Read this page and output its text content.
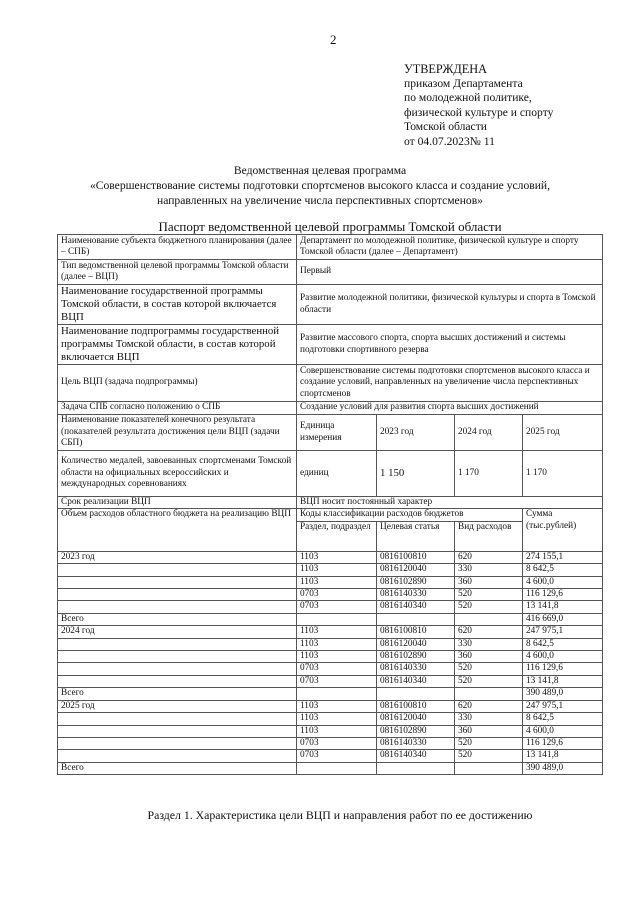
2
УТВЕРЖДЕНА
приказом Департамента
по молодежной политике,
физической культуре и спорту
Томской области
от 04.07.2023№ 11
Ведомственная целевая программа
«Совершенствование системы подготовки спортсменов высокого класса и создание условий,
направленных на увеличение числа перспективных спортсменов»
Паспорт ведомственной целевой программы Томской области
Наименование субъекта бюджетного планирования (далее – СПБ)	Департамент по молодежной политике, физической культуре и спорту Томской области (далее – Департамент)			
Тип ведомственной целевой программы Томской области (далее – ВЦП)	Первый			
Наименование государственной программы Томской области, в состав которой включается ВЦП	Развитие молодежной политики, физической культуры и спорта в Томской области			
Наименование подпрограммы государственной программы Томской области, в состав которой включается ВЦП	Развитие массового спорта, спорта высших достижений и системы подготовки спортивного резерва			
Цель ВЦП (задача подпрограммы)	Совершенствование системы подготовки спортсменов высокого класса и создание условий, направленных на увеличение числа перспективных спортсменов			
Задача СПБ согласно положению о СПБ	Создание условий для развития спорта высших достижений			
Наименование показателей конечного результата (показателей результата достижения цели ВЦП (задачи СБП)	Единица измерения	2023 год	2024 год	2025 год
Количество медалей, завоеванных спортсменами Томской области на официальных всероссийских и международных соревнованиях	единиц	1 150	1 170	1 170
Срок реализации ВЦП	ВЦП носит постоянный характер			
Объем расходов областного бюджета на реализацию ВЦП	Коды классификации расходов бюджетов			Сумма (тыс.рублей)
	Раздел, подраздел	Целевая статья	Вид расходов	
2023 год	1103	0816100810	620	274 155,1
	1103	0816120040	330	8 642,5
	1103	0816102890	360	4 600,0
	0703	0816140330	520	116 129,6
	0703	0816140340	520	13 141,8
Всего				416 669,0
2024 год	1103	0816100810	620	247 975,1
	1103	0816120040	330	8 642,5
	1103	0816102890	360	4 600,0
	0703	0816140330	520	116 129,6
	0703	0816140340	520	13 141,8
Всего				390 489,0
2025 год	1103	0816100810	620	247 975,1
	1103	0816120040	330	8 642,5
	1103	0816102890	360	4 600,0
	0703	0816140330	520	116 129,6
	0703	0816140340	520	13 141,8
Всего				390 489,0
Раздел 1. Характеристика цели ВЦП и направления работ по ее достижению
